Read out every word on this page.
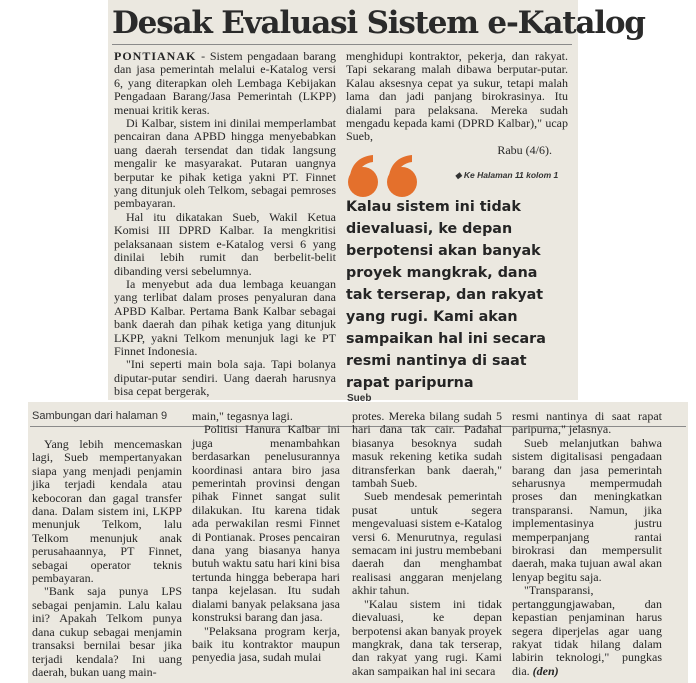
Desak Evaluasi Sistem e-Katalog

PONTIANAK - Sistem pengadaan barang dan jasa pemerintah melalui e-Katalog versi 6, yang diterapkan oleh Lembaga Kebijakan Pengadaan Barang/Jasa Pemerintah (LKPP) menuai kritik keras.

Di Kalbar, sistem ini dinilai memperlambat pencairan dana APBD hingga menyebabkan uang daerah tersendat dan tidak langsung mengalir ke masyarakat. Putaran uangnya berputar ke pihak ketiga yakni PT. Finnet yang ditunjuk oleh Telkom, sebagai pemroses pembayaran.

Hal itu dikatakan Sueb, Wakil Ketua Komisi III DPRD Kalbar. Ia mengkritisi pelaksanaan sistem e-Katalog versi 6 yang dinilai lebih rumit dan berbelit-belit dibanding versi sebelumnya.

Ia menyebut ada dua lembaga keuangan yang terlibat dalam proses penyaluran dana APBD Kalbar. Pertama Bank Kalbar sebagai bank daerah dan pihak ketiga yang ditunjuk LKPP, yakni Telkom menunjuk lagi ke PT Finnet Indonesia.

"Ini seperti main bola saja. Tapi bolanya diputar-putar sendiri. Uang daerah harusnya bisa cepat bergerak,

menghidupi kontraktor, pekerja, dan rakyat. Tapi sekarang malah dibawa berputar-putar. Kalau aksesnya cepat ya sukur, tetapi malah lama dan jadi panjang birokrasinya. Itu dialami para pelaksana. Mereka sudah mengadu kepada kami (DPRD Kalbar)," ucap Sueb,

Rabu (4/6).

◆ Ke Halaman 11 kolom 1
Kalau sistem ini tidak dievaluasi, ke depan berpotensi akan banyak proyek mangkrak, dana tak terserap, dan rakyat yang rugi. Kami akan sampaikan hal ini secara resmi nantinya di saat rapat paripurna
Sueb
Sambungan dari halaman 9

Yang lebih mencemaskan lagi, Sueb mempertanyakan siapa yang menjadi penjamin jika terjadi kendala atau kebocoran dan gagal transfer dana. Dalam sistem ini, LKPP menunjuk Telkom, lalu Telkom menunjuk anak perusahaannya, PT Finnet, sebagai operator teknis pembayaran.

"Bank saja punya LPS sebagai penjamin. Lalu kalau ini? Apakah Telkom punya dana cukup sebagai menjamin transaksi bernilai besar jika terjadi kendala? Ini uang daerah, bukan uang main-

main," tegasnya lagi.

Politisi Hanura Kalbar ini juga menambahkan berdasarkan penelusurannya koordinasi antara biro jasa pemerintah provinsi dengan pihak Finnet sangat sulit dilakukan. Itu karena tidak ada perwakilan resmi Finnet di Pontianak. Proses pencairan dana yang biasanya hanya butuh waktu satu hari kini bisa tertunda hingga beberapa hari tanpa kejelasan. Itu sudah dialami banyak pelaksana jasa konstruksi barang dan jasa.

"Pelaksana program kerja, baik itu kontraktor maupun penyedia jasa, sudah mulai

protes. Mereka bilang sudah 5 hari dana tak cair. Padahal biasanya besoknya sudah masuk rekening ketika sudah ditransferkan bank daerah," tambah Sueb.

Sueb mendesak pemerintah pusat untuk segera mengevaluasi sistem e-Katalog versi 6. Menurutnya, regulasi semacam ini justru membebani daerah dan menghambat realisasi anggaran menjelang akhir tahun.

"Kalau sistem ini tidak dievaluasi, ke depan berpotensi akan banyak proyek mangkrak, dana tak terserap, dan rakyat yang rugi. Kami akan sampaikan hal ini secara

resmi nantinya di saat rapat paripurna," jelasnya.

Sueb melanjutkan bahwa sistem digitalisasi pengadaan barang dan jasa pemerintah seharusnya mempermudah proses dan meningkatkan transparansi. Namun, jika implementasinya justru memperpanjang rantai birokrasi dan mempersulit daerah, maka tujuan awal akan lenyap begitu saja.

"Transparansi, pertanggungjawaban, dan kepastian penjaminan harus segera diperjelas agar uang rakyat tidak hilang dalam labirin teknologi," pungkas dia. (den)
